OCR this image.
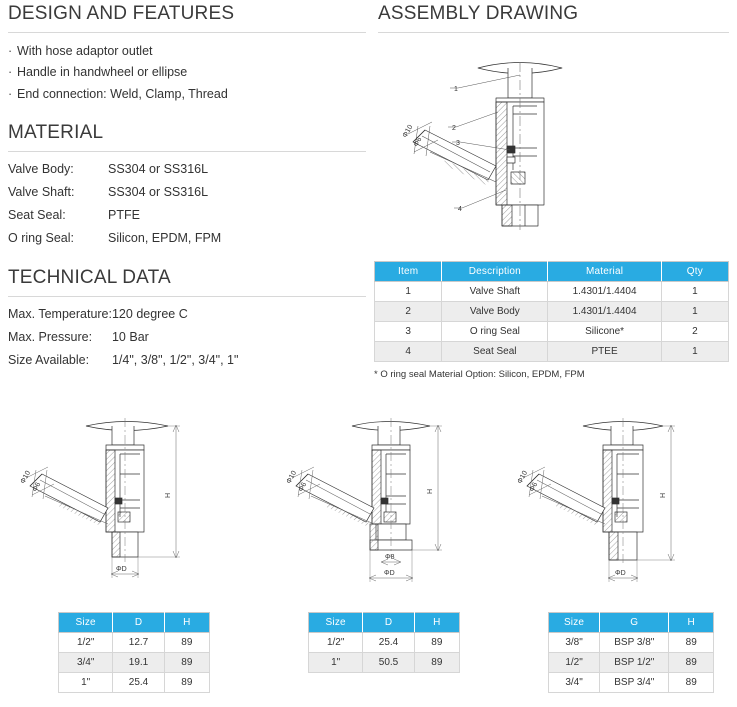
DESIGN AND FEATURES
· With hose adaptor outlet
· Handle in handwheel or ellipse
· End connection: Weld, Clamp, Thread
MATERIAL
Valve Body:	SS304 or SS316L
Valve Shaft:	SS304 or SS316L
Seat Seal:	PTFE
O ring Seal:	Silicon, EPDM, FPM
TECHNICAL DATA
Max. Temperature:	120 degree C
Max. Pressure:	10 Bar
Size Available:	1/4", 3/8", 1/2", 3/4", 1"
ASSEMBLY DRAWING
1
2
3
4
Φ10
Φ6
Item	Description	Material	Qty
1	Valve Shaft	1.4301/1.4404	1
2	Valve Body	1.4301/1.4404	1
3	O ring Seal	Silicone*	2
4	Seat Seal	PTEE	1
* O ring seal Material Option: Silicon, EPDM, FPM
H
ΦD
Φ10
Φ6	H
Φ8
ΦD
Φ10
Φ6
H
ΦD
Φ10
Φ6
Size	D	H
1/2"	12.7	89
3/4"	19.1	89
1"	25.4	89
Size	D	H
1/2"	25.4	89
1"	50.5	89
Size	G	H
3/8"	BSP 3/8"	89
1/2"	BSP 1/2"	89
3/4"	BSP 3/4"	89
